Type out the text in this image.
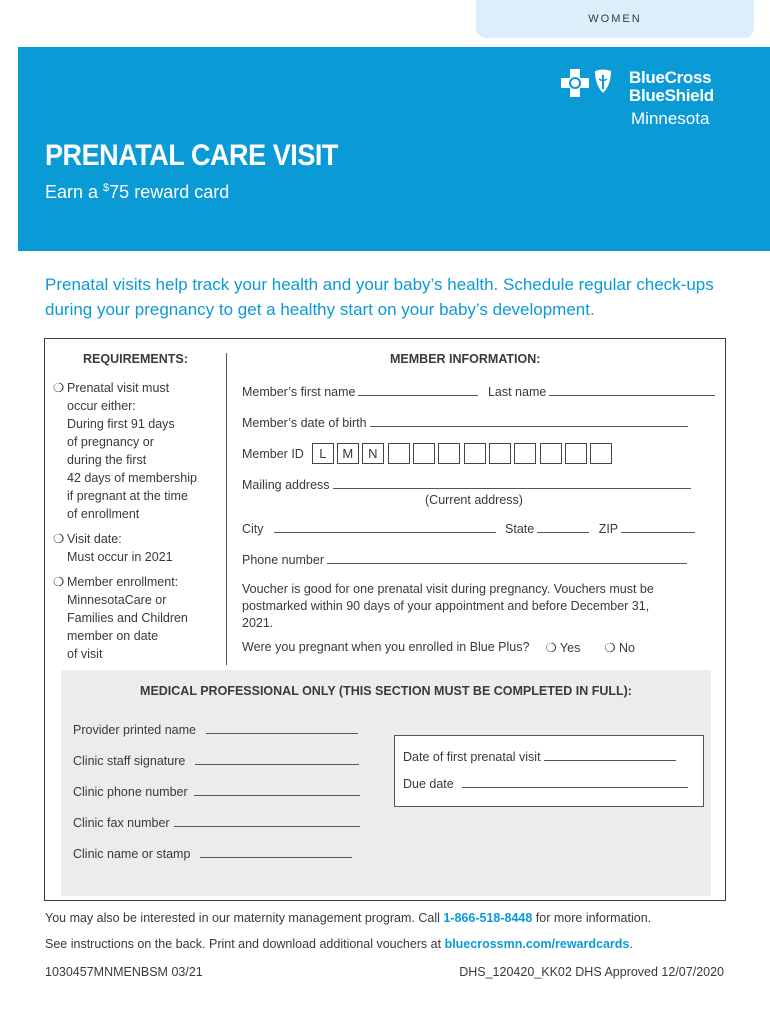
WOMEN
BlueCross
BlueShield
Minnesota
PRENATAL CARE VISIT
Earn a $75 reward card
Prenatal visits help track your health and your baby’s health. Schedule regular check-ups during your pregnancy to get a healthy start on your baby’s development.
REQUIREMENTS:
❍ Prenatal visit must
occur either:
During first 91 days
of pregnancy or
during the first
42 days of membership
if pregnant at the time
of enrollment
❍ Visit date:
Must occur in 2021
❍ Member enrollment:
MinnesotaCare or
Families and Children
member on date
of visit
MEMBER INFORMATION:
Member’s first name	Last name
Member’s date of birth
Member ID	L	M	N
Mailing address
(Current address)
City	State	ZIP
Phone number
Voucher is good for one prenatal visit during pregnancy. Vouchers must be postmarked within 90 days of your appointment and before December 31, 2021.
Were you pregnant when you enrolled in Blue Plus? ❍ Yes ❍ No
MEDICAL PROFESSIONAL ONLY (THIS SECTION MUST BE COMPLETED IN FULL):
Provider printed name
Clinic staff signature
Clinic phone number
Clinic fax number
Clinic name or stamp
Date of first prenatal visit
Due date
You may also be interested in our maternity management program. Call 1-866-518-8448 for more information.
See instructions on the back. Print and download additional vouchers at bluecrossmn.com/rewardcards.
1030457MNMENBSM 03/21	DHS_120420_KK02 DHS Approved 12/07/2020
